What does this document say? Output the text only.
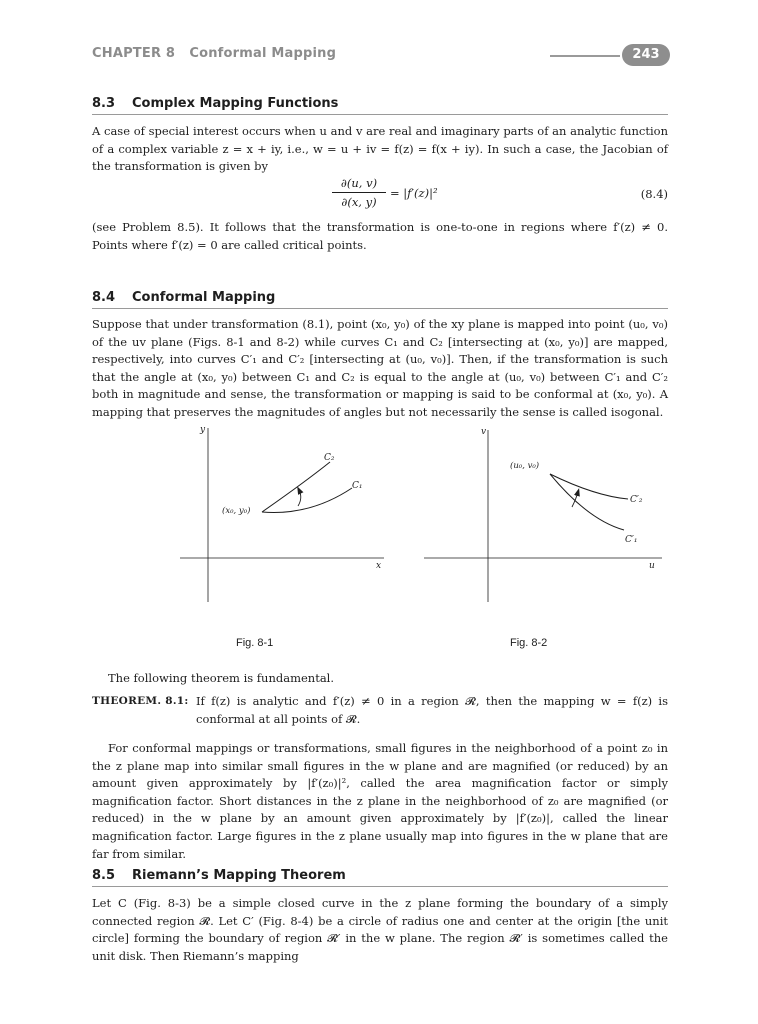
CHAPTER 8 Conformal Mapping	243
8.3 Complex Mapping Functions

A case of special interest occurs when u and v are real and imaginary parts of an analytic function of a complex variable z = x + iy, i.e., w = u + iv = f(z) = f(x + iy). In such a case, the Jacobian of the transformation is given by

$\frac{\partial(u, v)}{\partial(x, y)} = |f'(z)|^2$	(8.4)

(see Problem 8.5). It follows that the transformation is one-to-one in regions where f′(z) ≠ 0. Points where f′(z) = 0 are called critical points.

8.4 Conformal Mapping

Suppose that under transformation (8.1), point (x₀, y₀) of the xy plane is mapped into point (u₀, v₀) of the uv plane (Figs. 8-1 and 8-2) while curves C₁ and C₂ [intersecting at (x₀, y₀)] are mapped, respectively, into curves C′₁ and C′₂ [intersecting at (u₀, v₀)]. Then, if the transformation is such that the angle at (x₀, y₀) between C₁ and C₂ is equal to the angle at (u₀, v₀) between C′₁ and C′₂ both in magnitude and sense, the transformation or mapping is said to be conformal at (x₀, y₀). A mapping that preserves the magnitudes of angles but not necessarily the sense is called isogonal.

y
x
C₂
C₁
(x₀, y₀)
v
u
C′₂
C′₁
(u₀, v₀)
Fig. 8-1	Fig. 8-2

The following theorem is fundamental.

THEOREM. 8.1: If f(z) is analytic and f′(z) ≠ 0 in a region 𝓡, then the mapping w = f(z) is conformal at all points of 𝓡.

For conformal mappings or transformations, small figures in the neighborhood of a point z₀ in the z plane map into similar small figures in the w plane and are magnified (or reduced) by an amount given approximately by |f′(z₀)|², called the area magnification factor or simply magnification factor. Short distances in the z plane in the neighborhood of z₀ are magnified (or reduced) in the w plane by an amount given approximately by |f′(z₀)|, called the linear magnification factor. Large figures in the z plane usually map into figures in the w plane that are far from similar.

8.5 Riemann’s Mapping Theorem

Let C (Fig. 8-3) be a simple closed curve in the z plane forming the boundary of a simply connected region 𝓡. Let C′ (Fig. 8-4) be a circle of radius one and center at the origin [the unit circle] forming the boundary of region 𝓡′ in the w plane. The region 𝓡′ is sometimes called the unit disk. Then Riemann’s mapping
